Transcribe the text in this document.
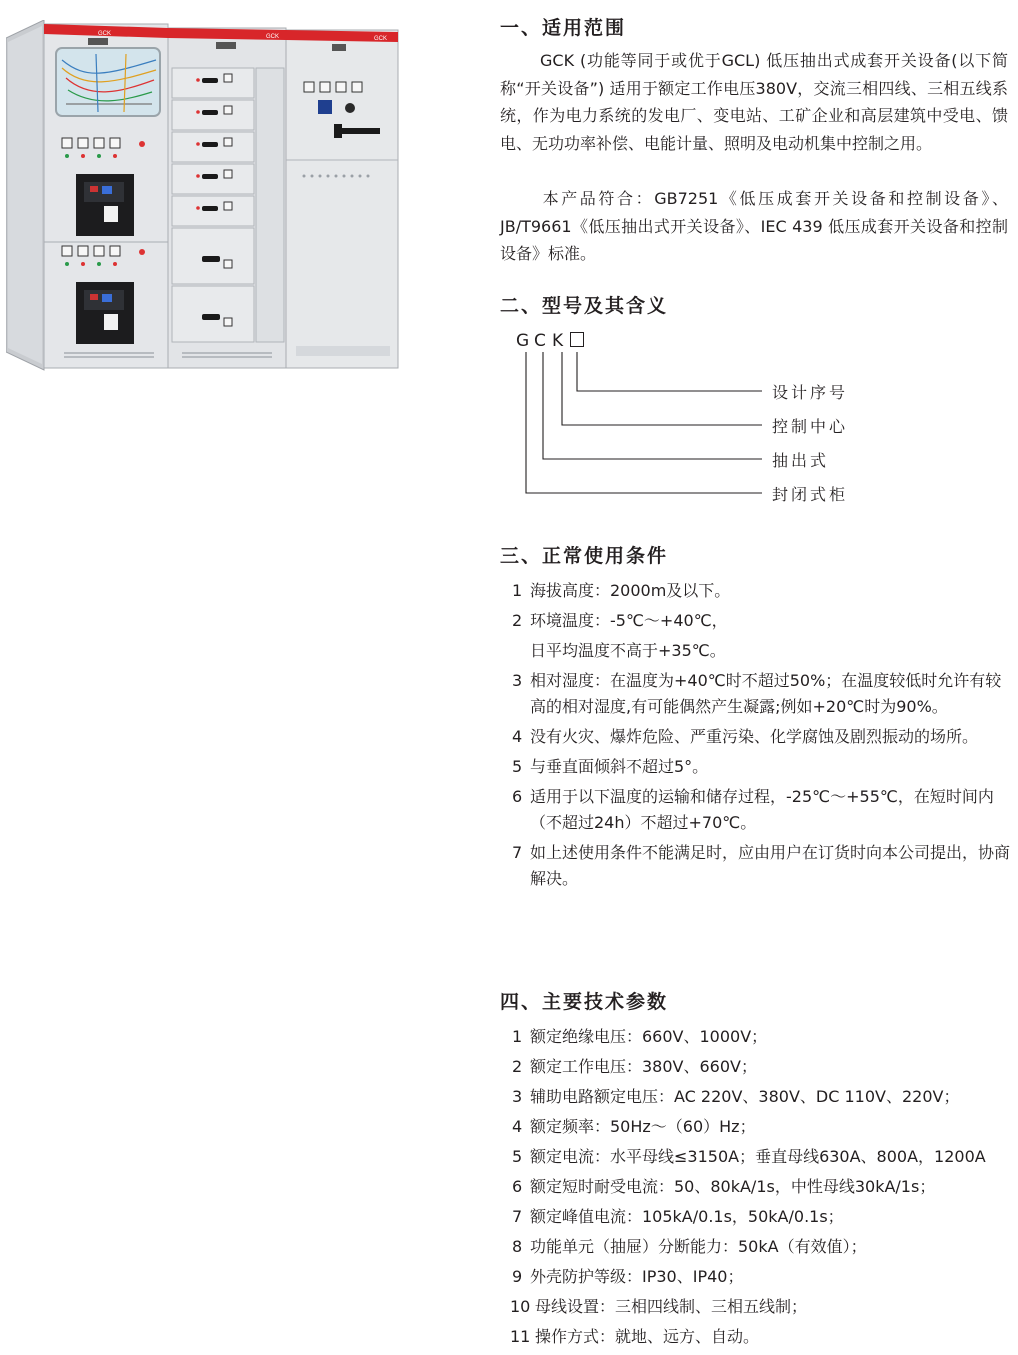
GCK	GCK	GCK	一、适用范围

GCK (功能等同于或优于GCL) 低压抽出式成套开关设备(以下简称“开关设备”) 适用于额定工作电压380V，交流三相四线、三相五线系统，作为电力系统的发电厂、变电站、工矿企业和高层建筑中受电、馈电、无功功率补偿、电能计量、照明及电动机集中控制之用。

本产品符合：GB7251《低压成套开关设备和控制设备》、JB/T9661《低压抽出式开关设备》、IEC 439 低压成套开关设备和控制设备》标准。

二、型号及其含义
G C K
设计序号
控制中心
抽出式
封闭式柜
三、正常使用条件
1 海拔高度：2000m及以下。
2 环境温度：-5℃～+40℃，
日平均温度不高于+35℃。
3 相对湿度：在温度为+40℃时不超过50%；在温度较低时允许有较高的相对湿度,有可能偶然产生凝露;例如+20℃时为90%。
4 没有火灾、爆炸危险、严重污染、化学腐蚀及剧烈振动的场所。
5 与垂直面倾斜不超过5°。
6 适用于以下温度的运输和储存过程，-25℃～+55℃，在短时间内（不超过24h）不超过+70℃。
7 如上述使用条件不能满足时，应由用户在订货时向本公司提出，协商解决。
四、主要技术参数
1 额定绝缘电压：660V、1000V；
2 额定工作电压：380V、660V；
3 辅助电路额定电压：AC 220V、380V、DC 110V、220V；
4 额定频率：50Hz～（60）Hz；
5 额定电流：水平母线≤3150A；垂直母线630A、800A，1200A
6 额定短时耐受电流：50、80kA/1s，中性母线30kA/1s；
7 额定峰值电流：105kA/0.1s，50kA/0.1s；
8 功能单元（抽屉）分断能力：50kA（有效值）；
9 外壳防护等级：IP30、IP40；
10 母线设置：三相四线制、三相五线制；
11 操作方式：就地、远方、自动。
